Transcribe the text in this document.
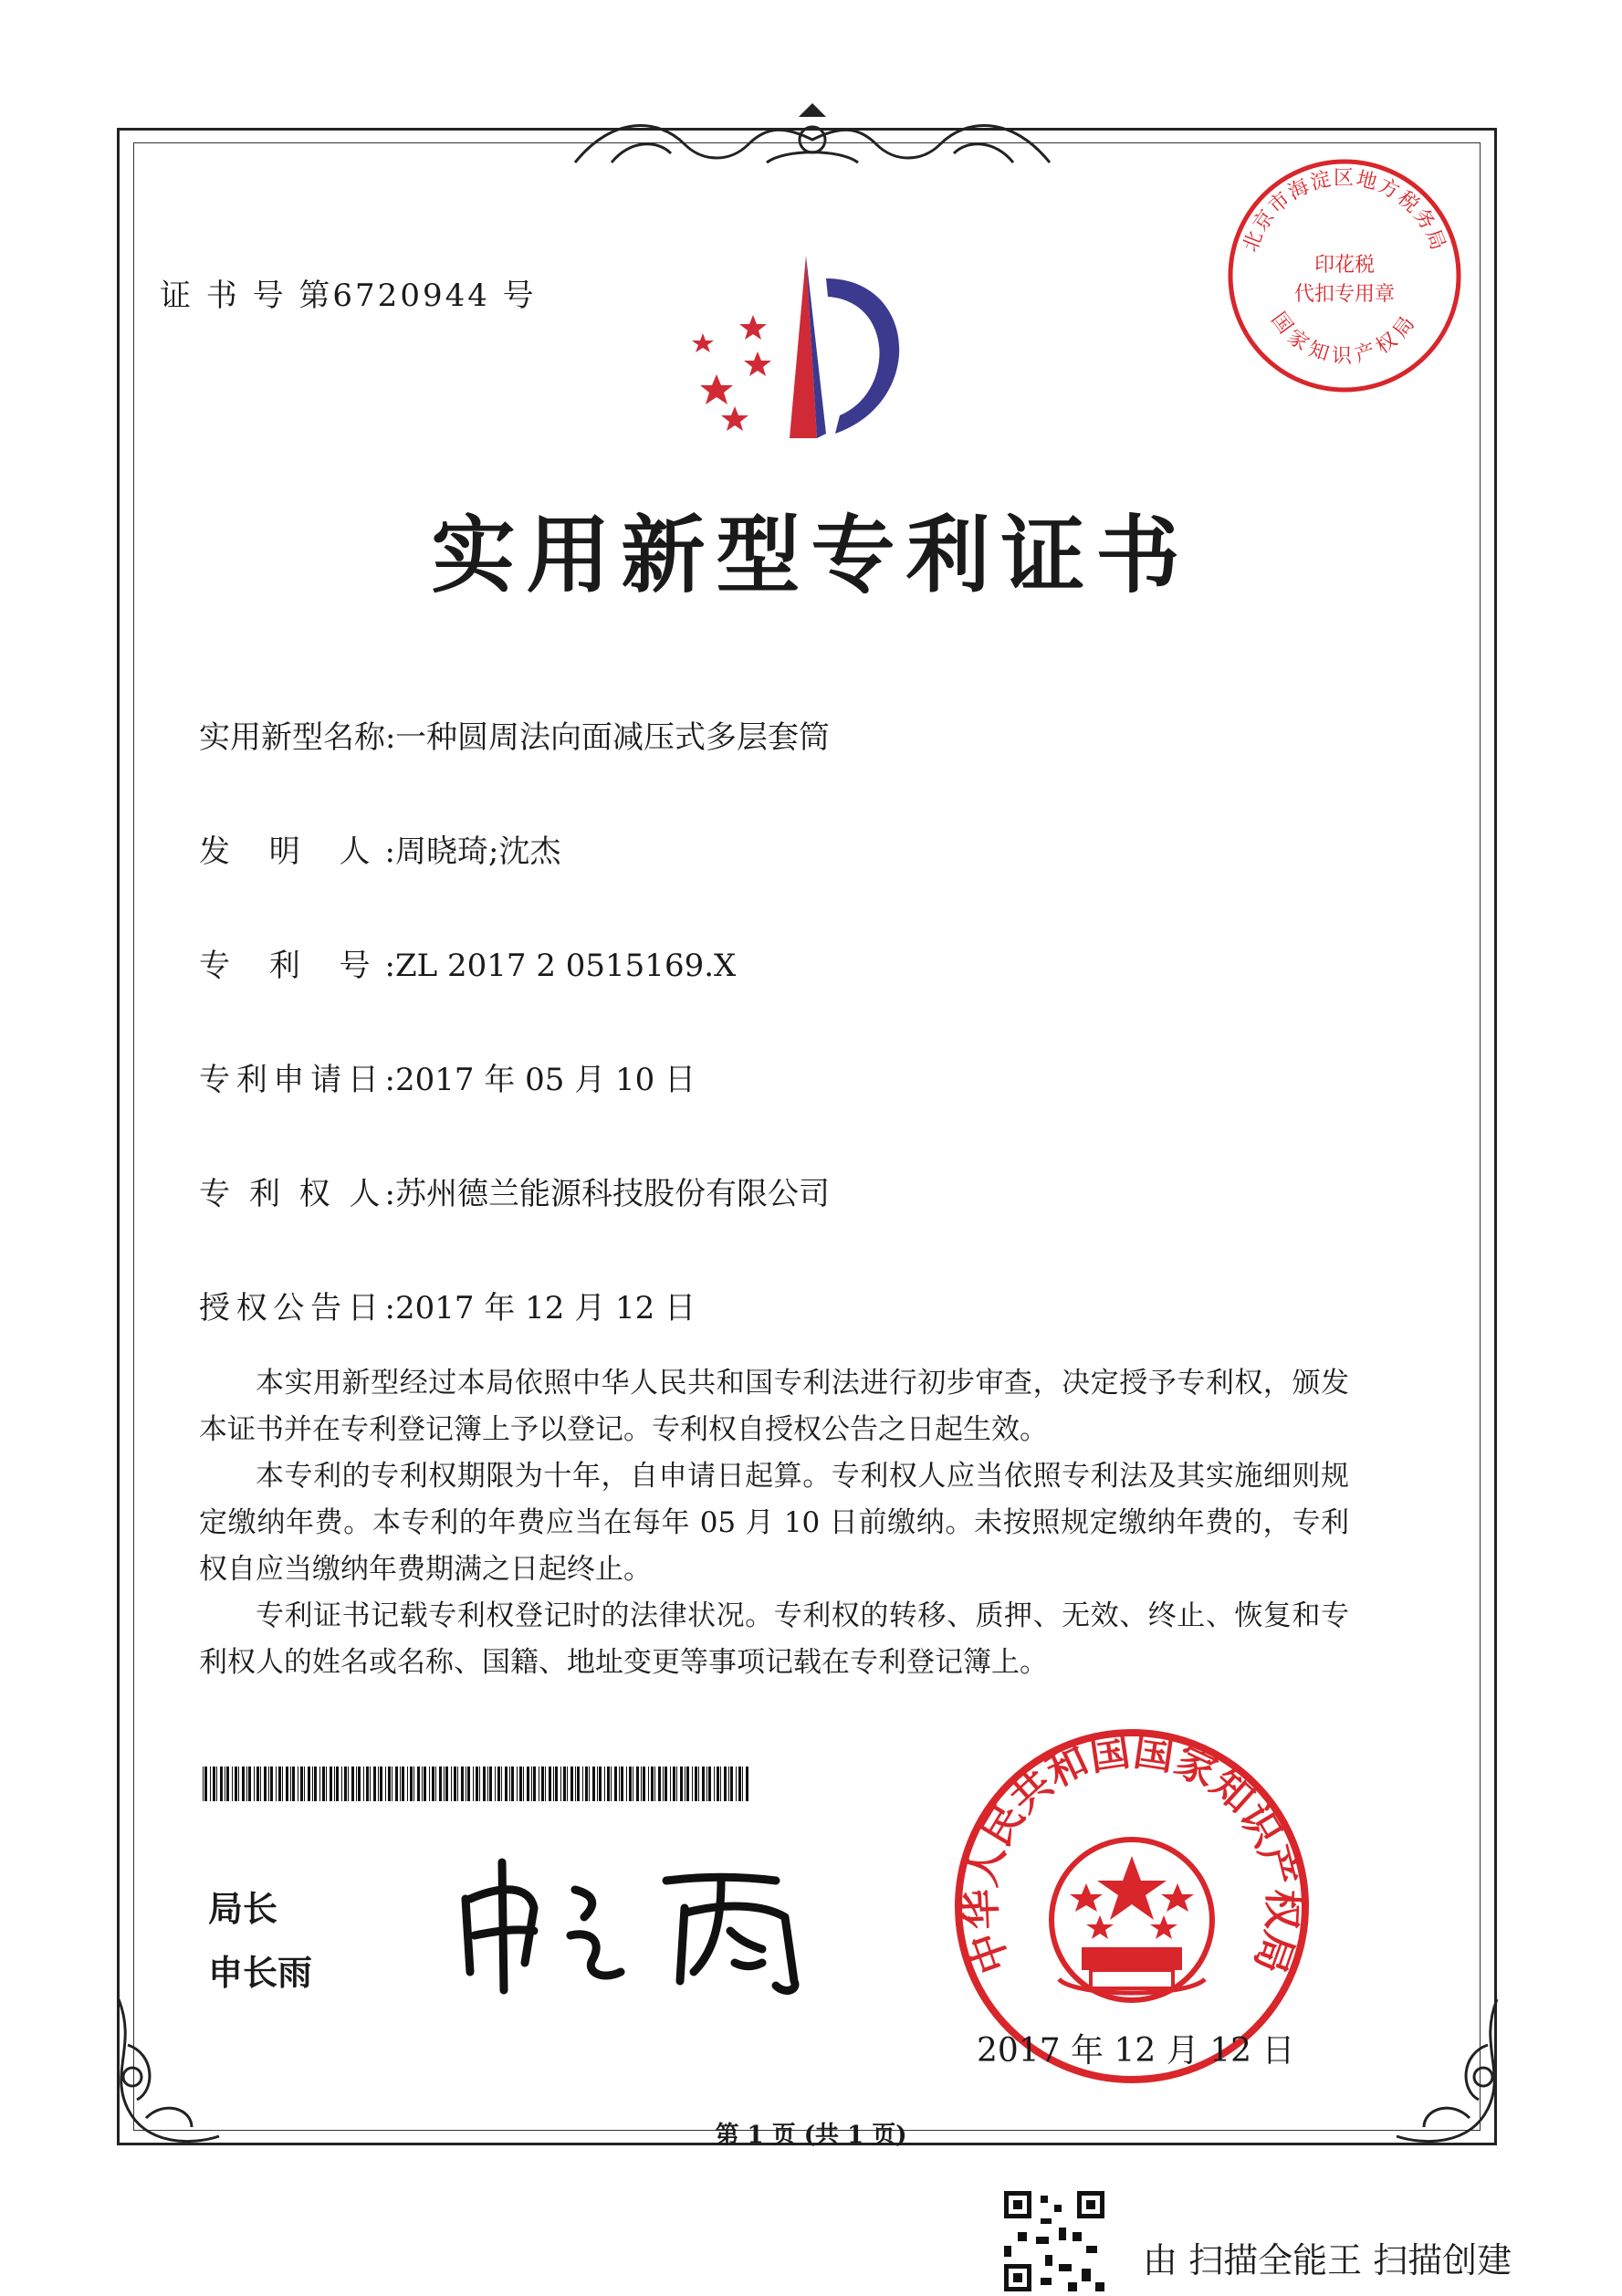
证 书 号 第6720944 号
北京市海淀区地方税务局
国家知识产权局
印花税
代扣专用章
实用新型专利证书
实用新型名称:一种圆周法向面减压式多层套筒
发 明 人:周晓琦;沈杰
专 利 号:ZL 2017 2 0515169.X
专利申请日:2017 年 05 月 10 日
专 利 权 人:苏州德兰能源科技股份有限公司
授权公告日:2017 年 12 月 12 日
本实用新型经过本局依照中华人民共和国专利法进行初步审查，决定授予专利权，颁发本证书并在专利登记簿上予以登记。专利权自授权公告之日起生效。
本专利的专利权期限为十年，自申请日起算。专利权人应当依照专利法及其实施细则规定缴纳年费。本专利的年费应当在每年 05 月 10 日前缴纳。未按照规定缴纳年费的，专利权自应当缴纳年费期满之日起终止。
专利证书记载专利权登记时的法律状况。专利权的转移、质押、无效、终止、恢复和专利权人的姓名或名称、国籍、地址变更等事项记载在专利登记簿上。
局长
申长雨	中华人民共和国国家知识产权局
2017 年 12 月 12 日
第 1 页 (共 1 页)
由 扫描全能王 扫描创建
